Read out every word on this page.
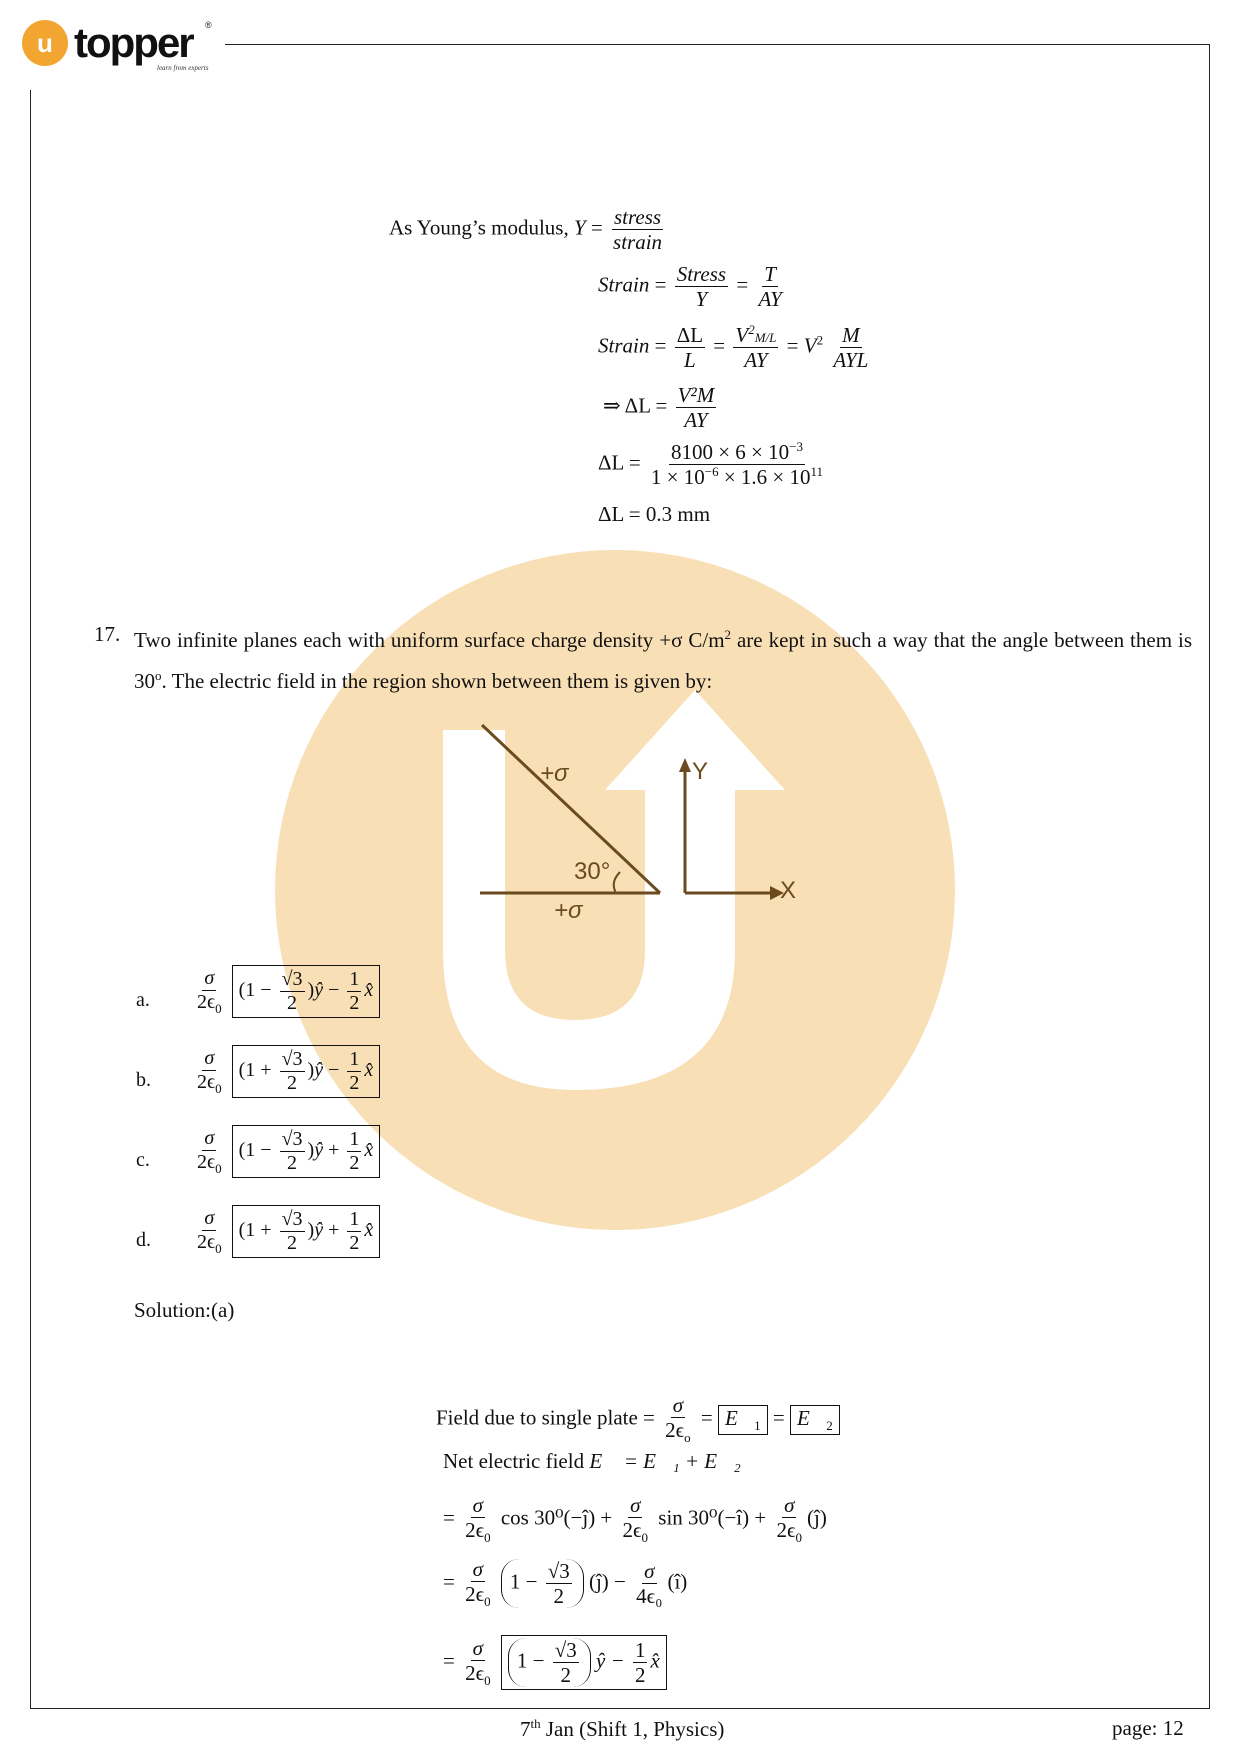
u topper
learn from experts
®
As Young’s modulus, $Y = \frac{\text{stress}}{\text{strain}}$
Strain = $\frac{\text{Stress}}{Y} = \frac{T}{AY}$
Strain = $\frac{\Delta L}{L} = \frac{V^2M/L}{AY} = V^2 \frac{M}{\text{AYL}}$
⇒ $\Delta L = \frac{\text{V²M}}{AY}$
$\Delta L = \frac{8100 \times 6 \times 10^{-3}}{1 \times 10^{-6} \times 1.6 \times 10^{11}}$
ΔL = 0.3 mm
17. Two infinite planes each with uniform surface charge density +σ $C/m^2$ are kept in such a way that the angle between them is 30$^o$. The electric field in the region shown between them is given by:
+σ
+σ
30°
Y
X
a. $\frac{\sigma}{2\epsilon_0} (1 - \frac{√3}{2}$ )ŷ − $\frac{1}{2}$ x̂
b. $\frac{\sigma}{2\epsilon_0} (1 + \frac{√3}{2}$ )ŷ − $\frac{1}{2}$ x̂
c. $\frac{\sigma}{2\epsilon_0} (1 - \frac{√3}{2}$ )ŷ + $\frac{1}{2}$ x̂
d. $\frac{\sigma}{2\epsilon_0} (1 + \frac{√3}{2}$ )ŷ + $\frac{1}{2}$ x̂
Solution:(a)
Field due to single plate = $\frac{\sigma}{2\epsilon_o}$ = $E⃗_1$ = $E⃗_2$
Net electric field E⃗ = E⃗₁ + E⃗₂
= $\frac{\sigma}{2\epsilon_0}$ cos 30⁰(−ĵ) + $\frac{\sigma}{2\epsilon_0}$ sin 30⁰(−î) + $\frac{\sigma}{2\epsilon_0}$ (ĵ)
= $\frac{\sigma}{2\epsilon_0} 1 - \frac{√3}{2}$ (ĵ) − $\frac{\sigma}{\text{4ϵ₀}}$ (î)
= $\frac{\sigma}{2\epsilon_0} 1 - \frac{√3}{2}$ ŷ − $\frac{1}{2}$ x̂
7th Jan (Shift 1, Physics)	page: 12
